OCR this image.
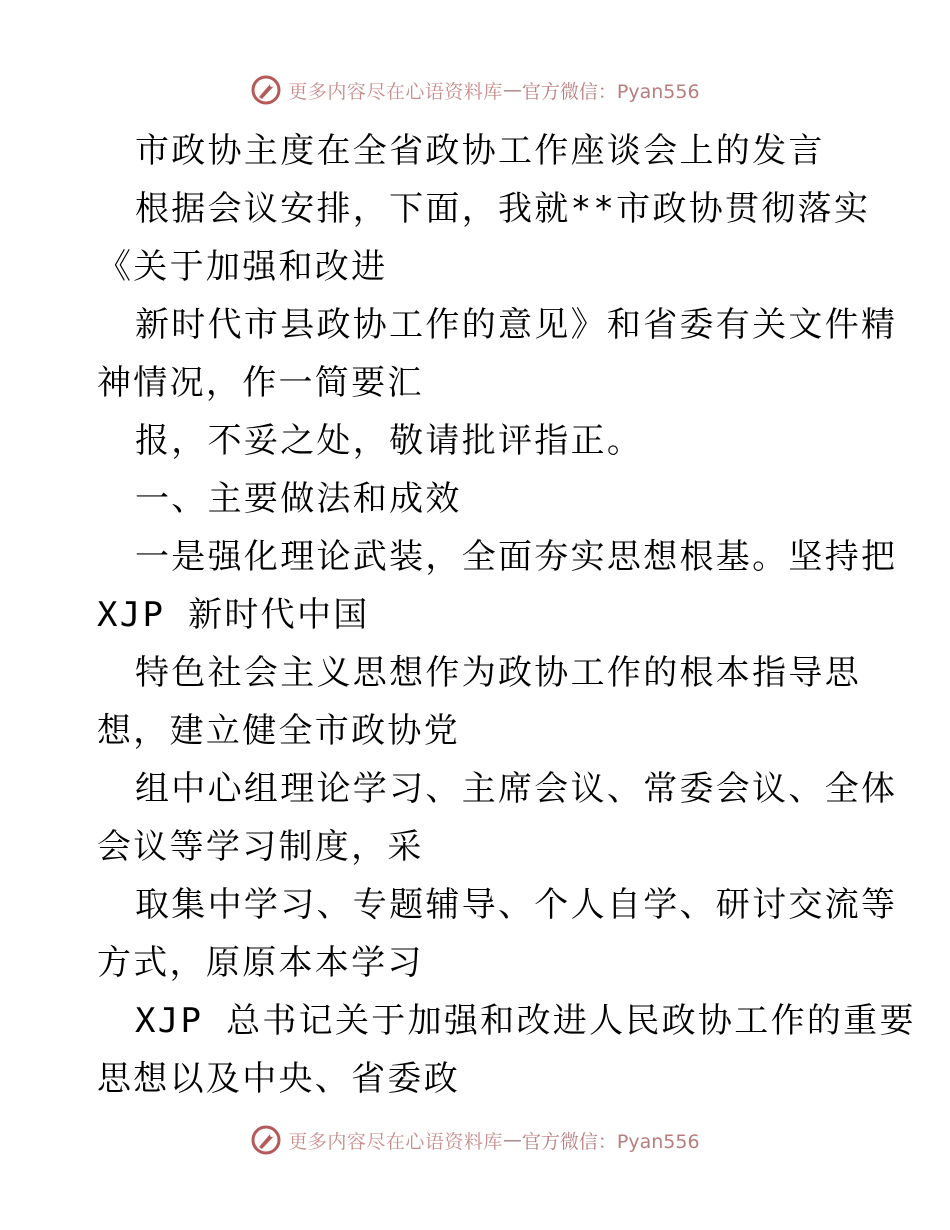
更多内容尽在心语资料库 — 官方微信：Pyan556
市政协主度在全省政协工作座谈会上的发言
根据会议安排，下面，我就**市政协贯彻落实
《关于加强和改进
新时代市县政协工作的意见》和省委有关文件精
神情况，作一简要汇
报，不妥之处，敬请批评指正。
一、主要做法和成效
一是强化理论武装，全面夯实思想根基。坚持把
XJP 新时代中国
特色社会主义思想作为政协工作的根本指导思
想，建立健全市政协党
组中心组理论学习、主席会议、常委会议、全体
会议等学习制度，采
取集中学习、专题辅导、个人自学、研讨交流等
方式，原原本本学习
XJP 总书记关于加强和改进人民政协工作的重要
思想以及中央、省委政
更多内容尽在心语资料库 — 官方微信：Pyan556
